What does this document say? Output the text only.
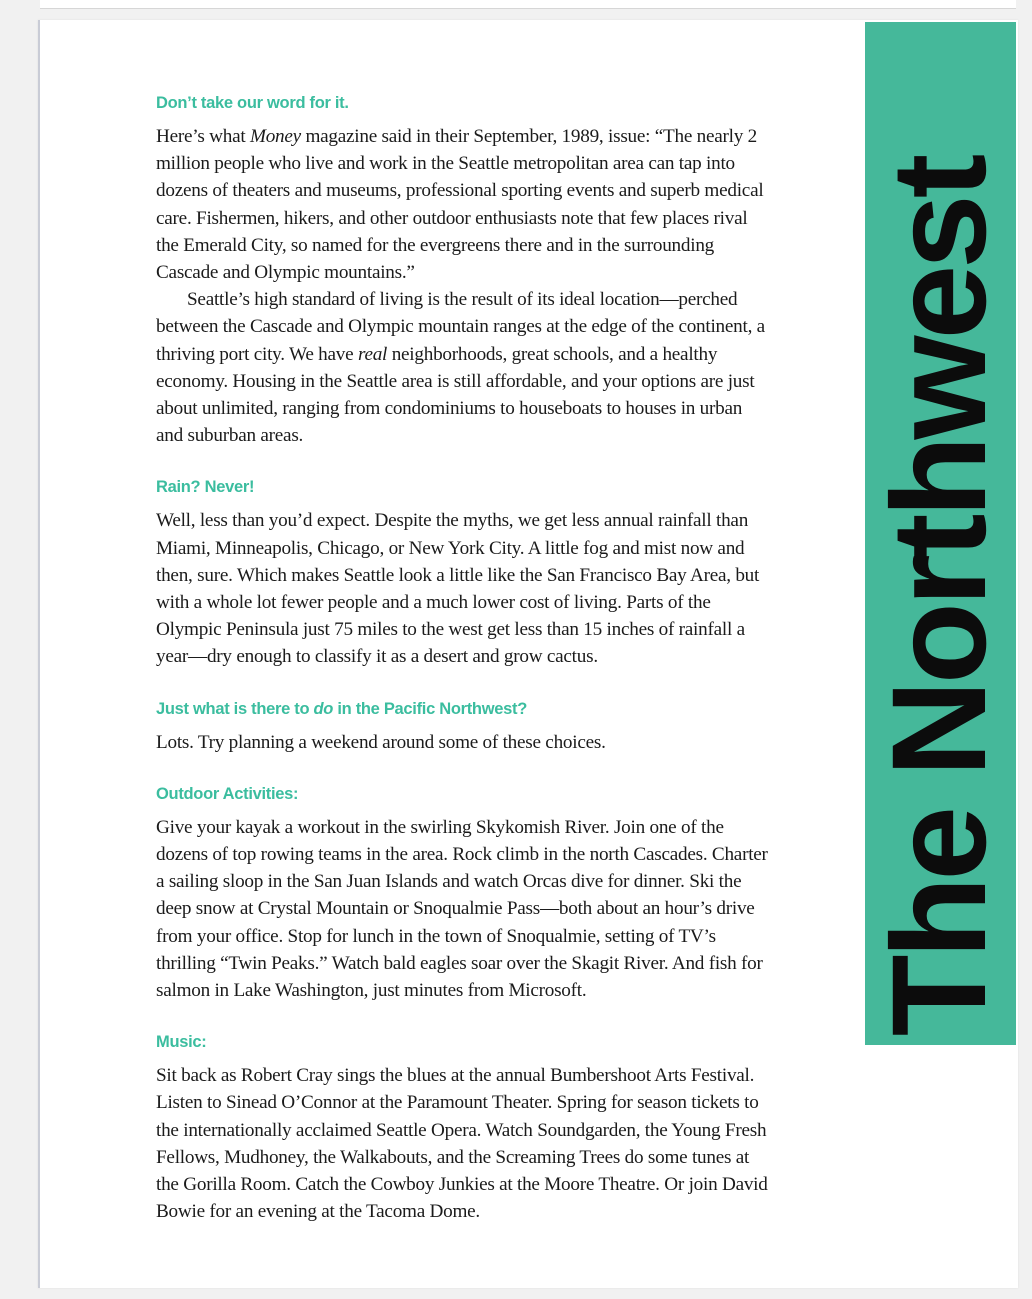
Don’t take our word for it.

Here’s what Money magazine said in their September, 1989, issue: “The nearly 2 million people who live and work in the Seattle metropolitan area can tap into dozens of theaters and museums, professional sporting events and superb medical care. Fishermen, hikers, and other outdoor enthusiasts note that few places rival the Emerald City, so named for the evergreens there and in the surrounding Cascade and Olympic mountains.”

Seattle’s high standard of living is the result of its ideal location—perched between the Cascade and Olympic mountain ranges at the edge of the continent, a thriving port city. We have real neighborhoods, great schools, and a healthy economy. Housing in the Seattle area is still affordable, and your options are just about unlimited, ranging from condominiums to houseboats to houses in urban and suburban areas.

Rain? Never!

Well, less than you’d expect. Despite the myths, we get less annual rainfall than Miami, Minneapolis, Chicago, or New York City. A little fog and mist now and then, sure. Which makes Seattle look a little like the San Francisco Bay Area, but with a whole lot fewer people and a much lower cost of living. Parts of the Olympic Peninsula just 75 miles to the west get less than 15 inches of rainfall a year—dry enough to classify it as a desert and grow cactus.

Just what is there to do in the Pacific Northwest?

Lots. Try planning a weekend around some of these choices.

Outdoor Activities:

Give your kayak a workout in the swirling Skykomish River. Join one of the dozens of top rowing teams in the area. Rock climb in the north Cascades. Charter a sailing sloop in the San Juan Islands and watch Orcas dive for dinner. Ski the deep snow at Crystal Mountain or Snoqualmie Pass—both about an hour’s drive from your office. Stop for lunch in the town of Snoqualmie, setting of TV’s thrilling “Twin Peaks.” Watch bald eagles soar over the Skagit River. And fish for salmon in Lake Washington, just minutes from Microsoft.

Music:

Sit back as Robert Cray sings the blues at the annual Bumbershoot Arts Festival. Listen to Sinead O’Connor at the Paramount Theater. Spring for season tickets to the internationally acclaimed Seattle Opera. Watch Soundgarden, the Young Fresh Fellows, Mudhoney, the Walkabouts, and the Screaming Trees do some tunes at the Gorilla Room. Catch the Cowboy Junkies at the Moore Theatre. Or join David Bowie for an evening at the Tacoma Dome.

The Northwest
